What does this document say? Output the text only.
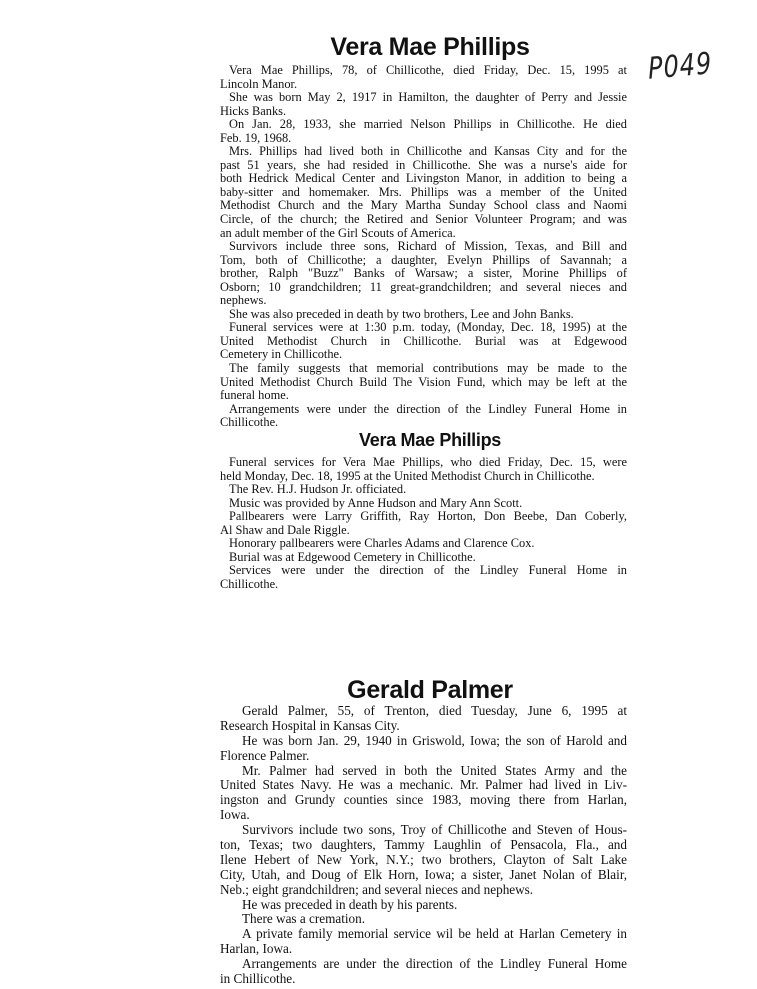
P049
Vera Mae Phillips
Vera Mae Phillips, 78, of Chillicothe, died Friday, Dec. 15, 1995 at
Lincoln Manor.
She was born May 2, 1917 in Hamilton, the daughter of Perry and Jessie
Hicks Banks.
On Jan. 28, 1933, she married Nelson Phillips in Chillicothe. He died
Feb. 19, 1968.
Mrs. Phillips had lived both in Chillicothe and Kansas City and for the
past 51 years, she had resided in Chillicothe. She was a nurse's aide for
both Hedrick Medical Center and Livingston Manor, in addition to being a
baby-sitter and homemaker. Mrs. Phillips was a member of the United
Methodist Church and the Mary Martha Sunday School class and Naomi
Circle, of the church; the Retired and Senior Volunteer Program; and was
an adult member of the Girl Scouts of America.
Survivors include three sons, Richard of Mission, Texas, and Bill and
Tom, both of Chillicothe; a daughter, Evelyn Phillips of Savannah; a
brother, Ralph "Buzz" Banks of Warsaw; a sister, Morine Phillips of
Osborn; 10 grandchildren; 11 great-grandchildren; and several nieces and
nephews.
She was also preceded in death by two brothers, Lee and John Banks.
Funeral services were at 1:30 p.m. today, (Monday, Dec. 18, 1995) at the
United Methodist Church in Chillicothe. Burial was at Edgewood
Cemetery in Chillicothe.
The family suggests that memorial contributions may be made to the
United Methodist Church Build The Vision Fund, which may be left at the
funeral home.
Arrangements were under the direction of the Lindley Funeral Home in
Chillicothe.
Vera Mae Phillips
Funeral services for Vera Mae Phillips, who died Friday, Dec. 15, were
held Monday, Dec. 18, 1995 at the United Methodist Church in Chillicothe.
The Rev. H.J. Hudson Jr. officiated.
Music was provided by Anne Hudson and Mary Ann Scott.
Pallbearers were Larry Griffith, Ray Horton, Don Beebe, Dan Coberly,
Al Shaw and Dale Riggle.
Honorary pallbearers were Charles Adams and Clarence Cox.
Burial was at Edgewood Cemetery in Chillicothe.
Services were under the direction of the Lindley Funeral Home in
Chillicothe.
Gerald Palmer
Gerald Palmer, 55, of Trenton, died Tuesday, June 6, 1995 at
Research Hospital in Kansas City.
He was born Jan. 29, 1940 in Griswold, Iowa; the son of Harold and
Florence Palmer.
Mr. Palmer had served in both the United States Army and the
United States Navy. He was a mechanic. Mr. Palmer had lived in Liv-
ingston and Grundy counties since 1983, moving there from Harlan,
Iowa.
Survivors include two sons, Troy of Chillicothe and Steven of Hous-
ton, Texas; two daughters, Tammy Laughlin of Pensacola, Fla., and
Ilene Hebert of New York, N.Y.; two brothers, Clayton of Salt Lake
City, Utah, and Doug of Elk Horn, Iowa; a sister, Janet Nolan of Blair,
Neb.; eight grandchildren; and several nieces and nephews.
He was preceded in death by his parents.
There was a cremation.
A private family memorial service wil be held at Harlan Cemetery in
Harlan, Iowa.
Arrangements are under the direction of the Lindley Funeral Home
in Chillicothe.
